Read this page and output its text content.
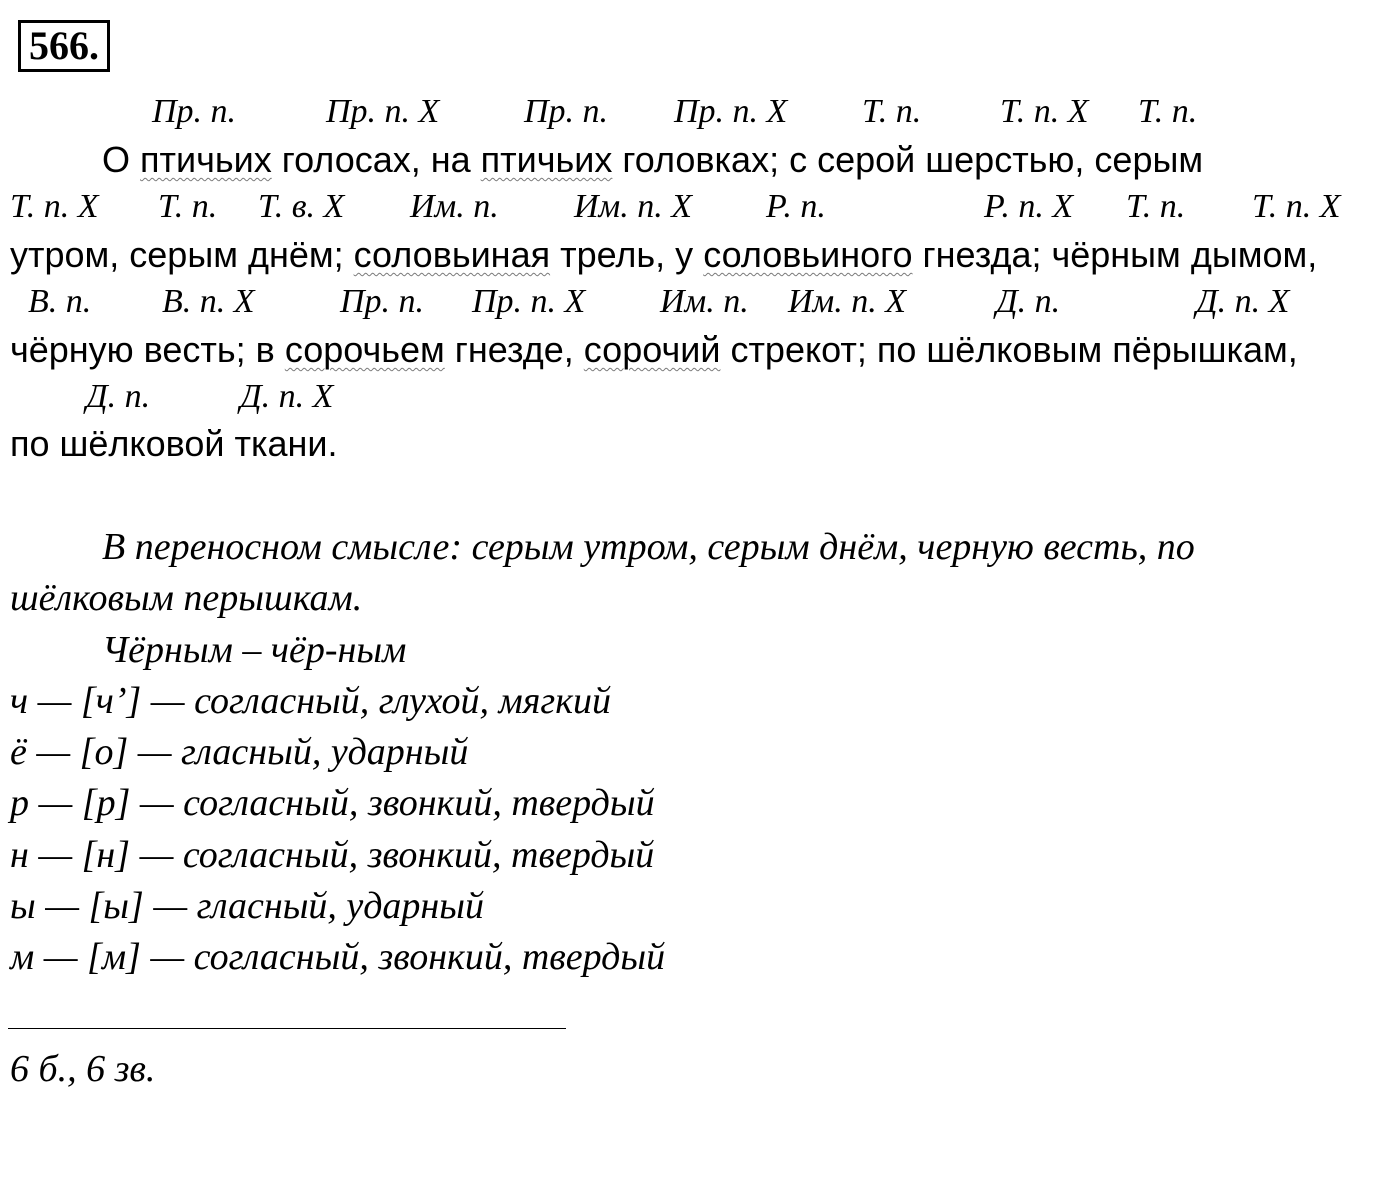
566.
Пр. п.	Пр. п. Х Пр. п. Пр. п. Х Т. п. Т. п. Х Т. п.
О птичьих голосах, на птичьих головках; с серой шерстью, серым
Т. п. Х Т. п. Т. в. Х Им. п. Им. п. Х Р. п.	Р. п. Х Т. п. Т. п. Х
утром, серым днём; соловьиная трель, у соловьиного гнезда; чёрным дымом,
В. п. В. п. Х	Пр. п. Пр. п. Х Им. п. Им. п. Х	Д. п.	Д. п. Х
чёрную весть; в сорочьем гнезде, сорочий стрекот; по шёлковым пёрышкам,
Д. п.	Д. п. Х
по шёлковой ткани.
В переносном смысле: серым утром, серым днём, черную весть, по
шёлковым перышкам.
Чёрным – чёр-ным
ч — [ч’] — согласный, глухой, мягкий
ё — [о] — гласный, ударный
р — [р] — согласный, звонкий, твердый
н — [н] — согласный, звонкий, твердый
ы — [ы] — гласный, ударный
м — [м] — согласный, звонкий, твердый
6 б., 6 зв.
